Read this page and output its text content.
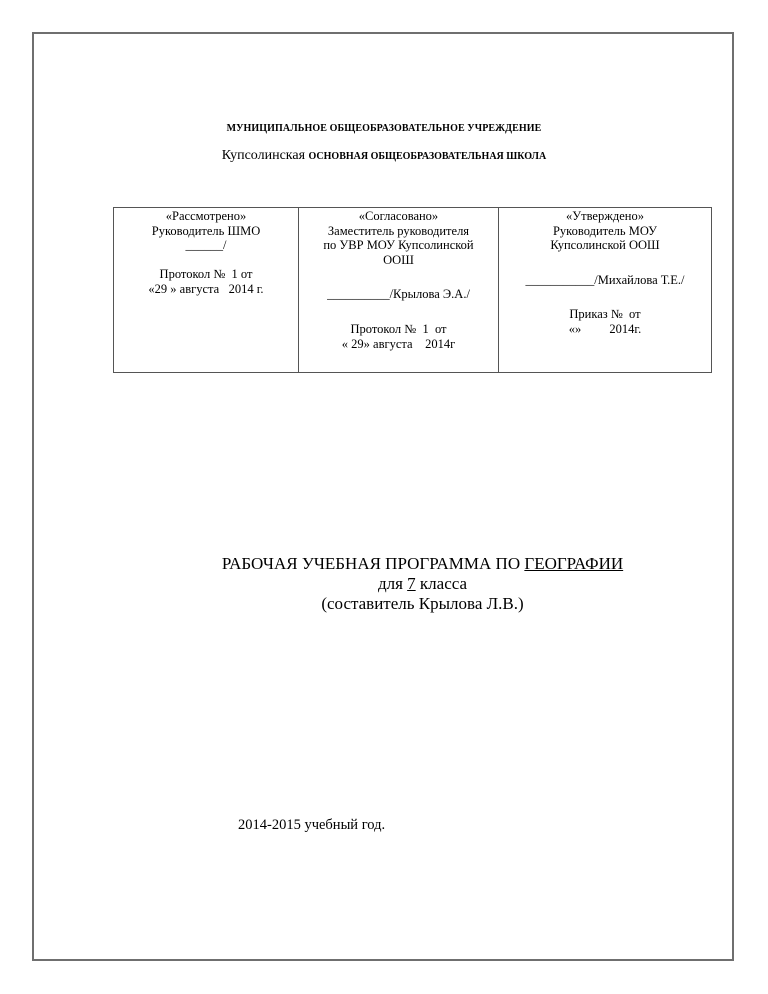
МУНИЦИПАЛЬНОЕ ОБЩЕОБРАЗОВАТЕЛЬНОЕ УЧРЕЖДЕНИЕ
Купсолинская ОСНОВНАЯ ОБЩЕОБРАЗОВАТЕЛЬНАЯ ШКОЛА
«Рассмотрено»
Руководитель ШМО
______/
Протокол №  1 от
«29 » августа   2014 г.

«Согласовано»
Заместитель руководителя
по УВР МОУ Купсолинской
ООШ
__________/Крылова Э.А./
Протокол №  1  от
« 29» августа    2014г

«Утверждено»
Руководитель МОУ
Купсолинской ООШ
___________/Михайлова Т.Е./
Приказ №  от
«»         2014г.
РАБОЧАЯ УЧЕБНАЯ ПРОГРАММА ПО ГЕОГРАФИИ
для 7 класса
(составитель Крылова Л.В.)
2014-2015 учебный год.
